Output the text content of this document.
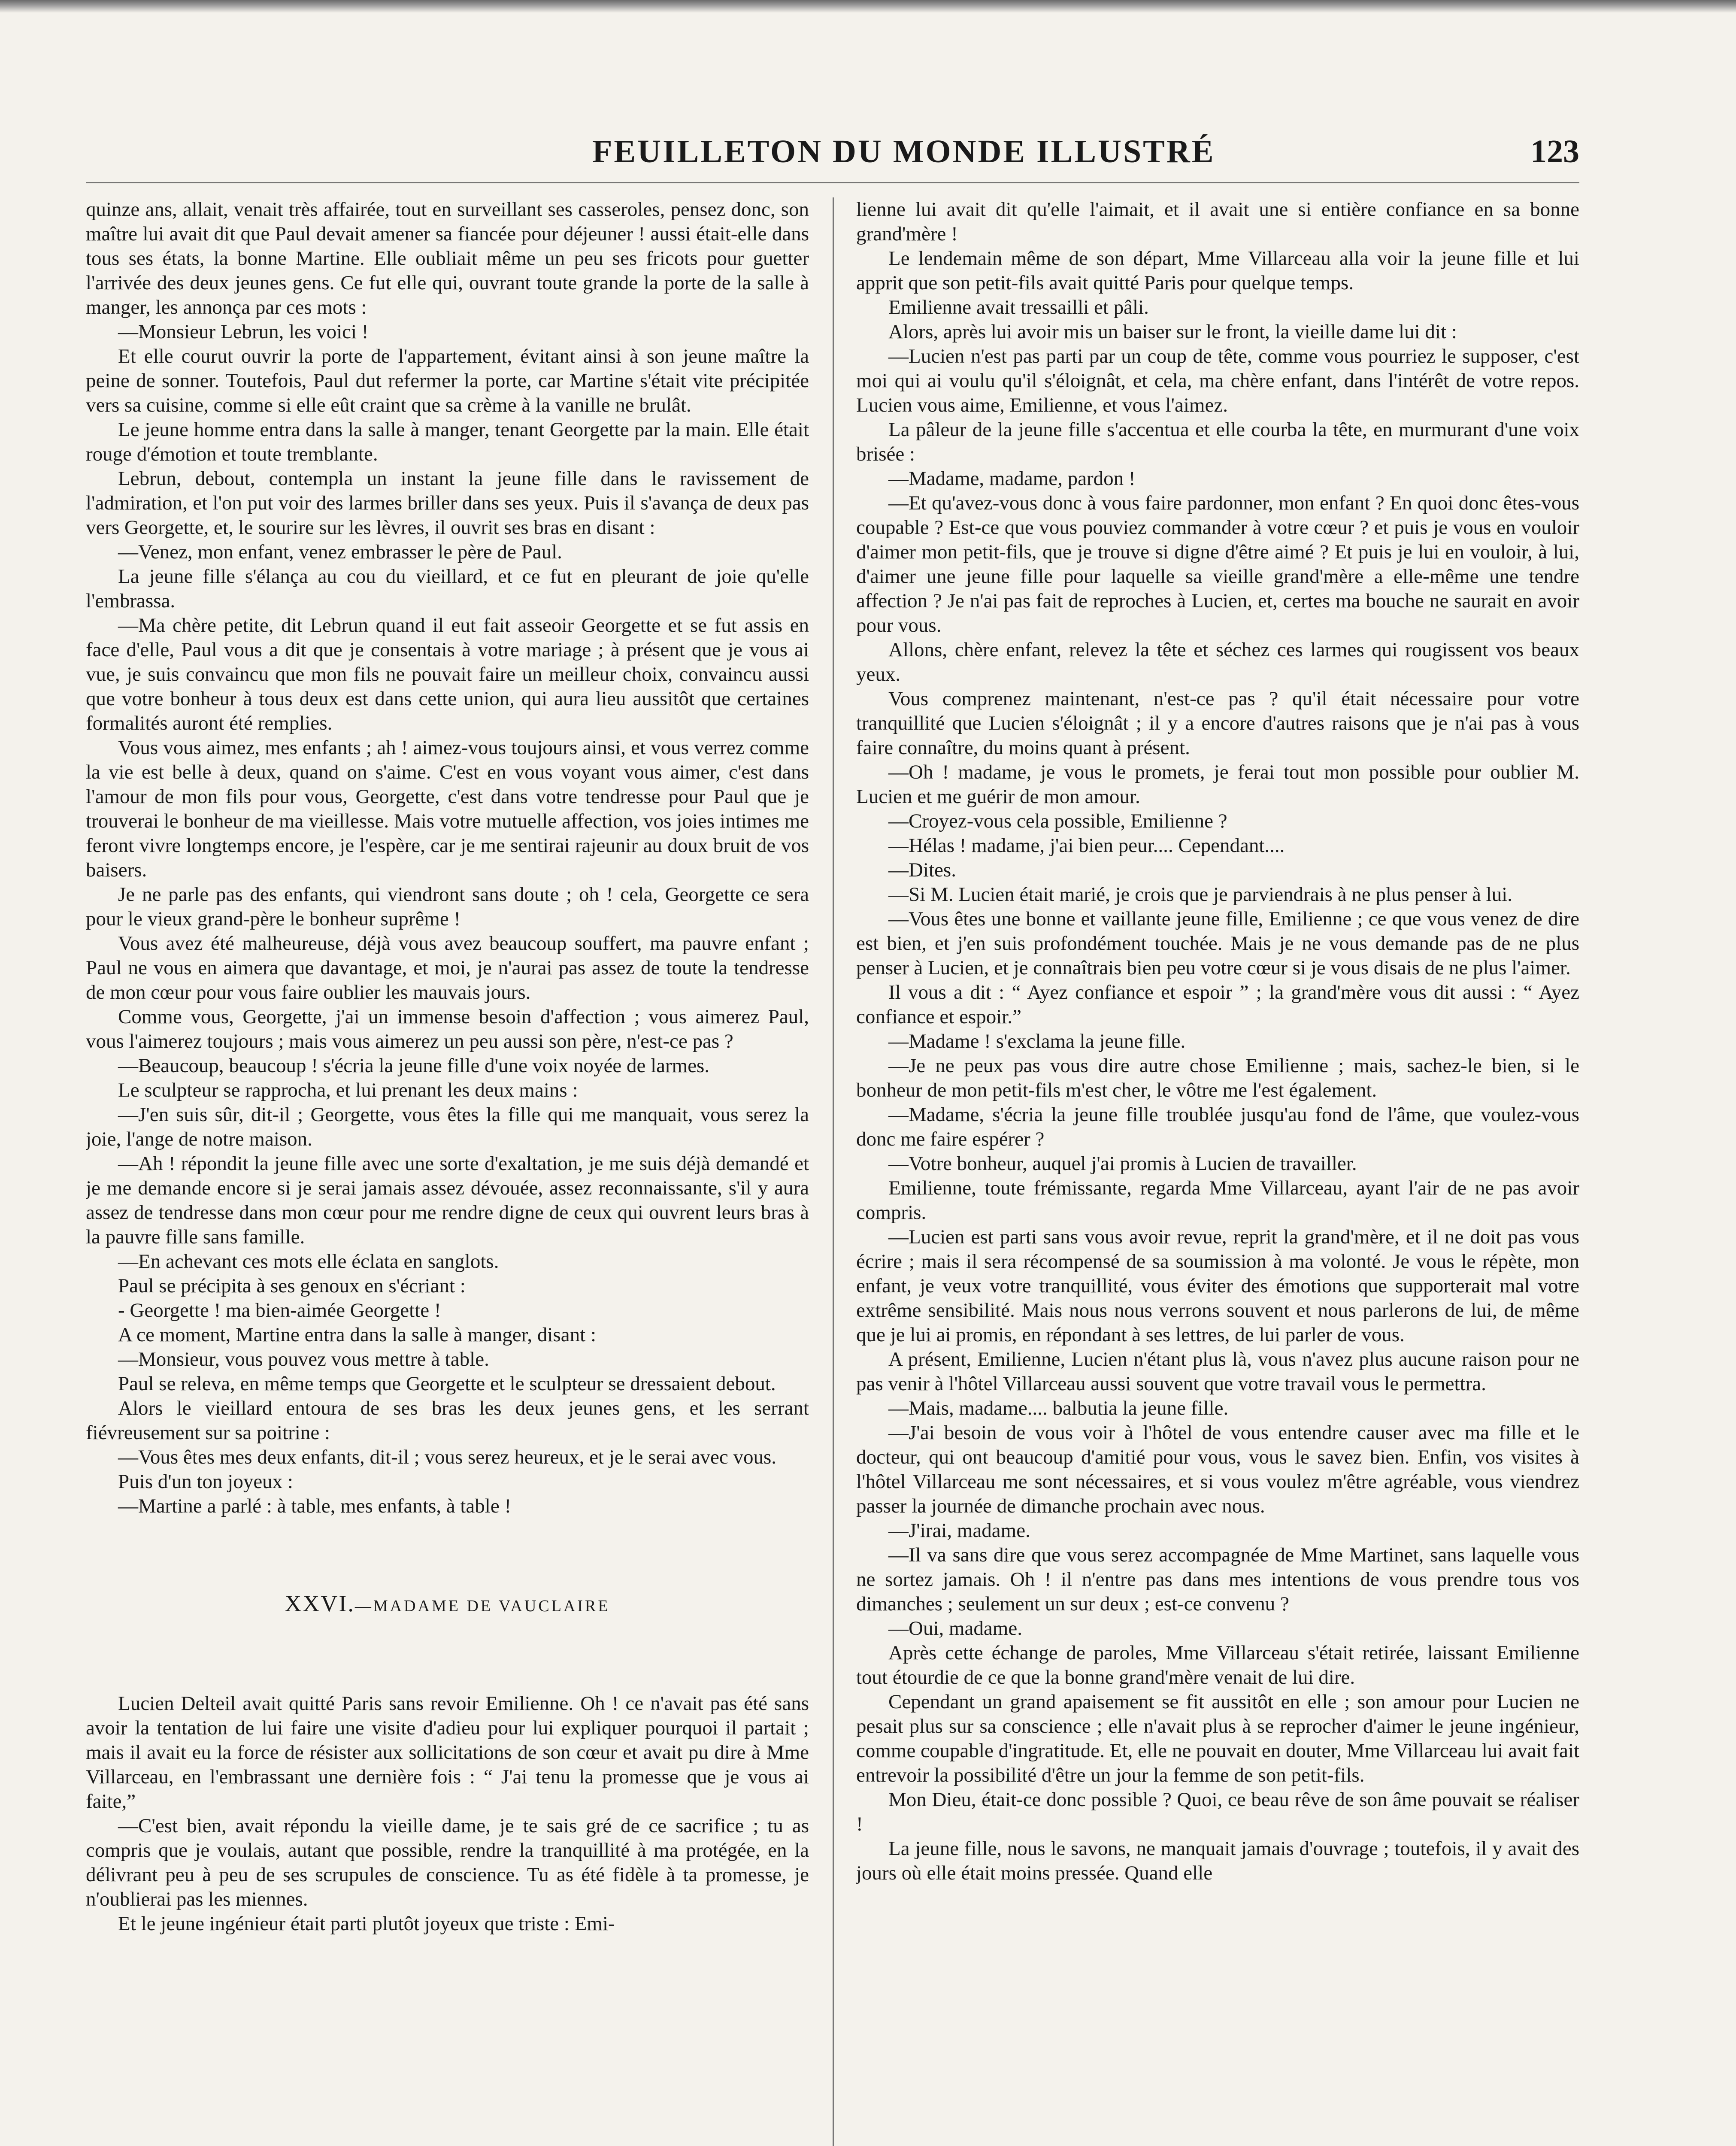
FEUILLETON DU MONDE ILLUSTRÉ	123

quinze ans, allait, venait très affairée, tout en surveillant ses casseroles, pensez donc, son maître lui avait dit que Paul devait amener sa fiancée pour déjeuner ! aussi était-elle dans tous ses états, la bonne Martine. Elle oubliait même un peu ses fricots pour guetter l'arrivée des deux jeunes gens. Ce fut elle qui, ouvrant toute grande la porte de la salle à manger, les annonça par ces mots :

—Monsieur Lebrun, les voici !

Et elle courut ouvrir la porte de l'appartement, évitant ainsi à son jeune maître la peine de sonner. Toutefois, Paul dut refermer la porte, car Martine s'était vite précipitée vers sa cuisine, comme si elle eût craint que sa crème à la vanille ne brulât.

Le jeune homme entra dans la salle à manger, tenant Georgette par la main. Elle était rouge d'émotion et toute tremblante.

Lebrun, debout, contempla un instant la jeune fille dans le ravissement de l'admiration, et l'on put voir des larmes briller dans ses yeux. Puis il s'avança de deux pas vers Georgette, et, le sourire sur les lèvres, il ouvrit ses bras en disant :

—Venez, mon enfant, venez embrasser le père de Paul.

La jeune fille s'élança au cou du vieillard, et ce fut en pleurant de joie qu'elle l'embrassa.

—Ma chère petite, dit Lebrun quand il eut fait asseoir Georgette et se fut assis en face d'elle, Paul vous a dit que je consentais à votre mariage ; à présent que je vous ai vue, je suis convaincu que mon fils ne pouvait faire un meilleur choix, convaincu aussi que votre bonheur à tous deux est dans cette union, qui aura lieu aussitôt que certaines formalités auront été remplies.

Vous vous aimez, mes enfants ; ah ! aimez-vous toujours ainsi, et vous verrez comme la vie est belle à deux, quand on s'aime. C'est en vous voyant vous aimer, c'est dans l'amour de mon fils pour vous, Georgette, c'est dans votre tendresse pour Paul que je trouverai le bonheur de ma vieillesse. Mais votre mutuelle affection, vos joies intimes me feront vivre longtemps encore, je l'espère, car je me sentirai rajeunir au doux bruit de vos baisers.

Je ne parle pas des enfants, qui viendront sans doute ; oh ! cela, Georgette ce sera pour le vieux grand-père le bonheur suprême !

Vous avez été malheureuse, déjà vous avez beaucoup souffert, ma pauvre enfant ; Paul ne vous en aimera que davantage, et moi, je n'aurai pas assez de toute la tendresse de mon cœur pour vous faire oublier les mauvais jours.

Comme vous, Georgette, j'ai un immense besoin d'affection ; vous aimerez Paul, vous l'aimerez toujours ; mais vous aimerez un peu aussi son père, n'est-ce pas ?

—Beaucoup, beaucoup ! s'écria la jeune fille d'une voix noyée de larmes.

Le sculpteur se rapprocha, et lui prenant les deux mains :

—J'en suis sûr, dit-il ; Georgette, vous êtes la fille qui me manquait, vous serez la joie, l'ange de notre maison.

—Ah ! répondit la jeune fille avec une sorte d'exaltation, je me suis déjà demandé et je me demande encore si je serai jamais assez dévouée, assez reconnaissante, s'il y aura assez de tendresse dans mon cœur pour me rendre digne de ceux qui ouvrent leurs bras à la pauvre fille sans famille.

—En achevant ces mots elle éclata en sanglots.

Paul se précipita à ses genoux en s'écriant :

- Georgette ! ma bien-aimée Georgette !

A ce moment, Martine entra dans la salle à manger, disant :

—Monsieur, vous pouvez vous mettre à table.

Paul se releva, en même temps que Georgette et le sculpteur se dressaient debout.

Alors le vieillard entoura de ses bras les deux jeunes gens, et les serrant fiévreusement sur sa poitrine :

—Vous êtes mes deux enfants, dit-il ; vous serez heureux, et je le serai avec vous.

Puis d'un ton joyeux :

—Martine a parlé : à table, mes enfants, à table !

XXVI.—MADAME DE VAUCLAIRE

Lucien Delteil avait quitté Paris sans revoir Emilienne. Oh ! ce n'avait pas été sans avoir la tentation de lui faire une visite d'adieu pour lui expliquer pourquoi il partait ; mais il avait eu la force de résister aux sollicitations de son cœur et avait pu dire à Mme Villarceau, en l'embrassant une dernière fois : “ J'ai tenu la promesse que je vous ai faite,”

—C'est bien, avait répondu la vieille dame, je te sais gré de ce sacrifice ; tu as compris que je voulais, autant que possible, rendre la tranquillité à ma protégée, en la délivrant peu à peu de ses scrupules de conscience. Tu as été fidèle à ta promesse, je n'oublierai pas les miennes.

Et le jeune ingénieur était parti plutôt joyeux que triste : Emi-

lienne lui avait dit qu'elle l'aimait, et il avait une si entière confiance en sa bonne grand'mère !

Le lendemain même de son départ, Mme Villarceau alla voir la jeune fille et lui apprit que son petit-fils avait quitté Paris pour quelque temps.

Emilienne avait tressailli et pâli.

Alors, après lui avoir mis un baiser sur le front, la vieille dame lui dit :

—Lucien n'est pas parti par un coup de tête, comme vous pourriez le supposer, c'est moi qui ai voulu qu'il s'éloignât, et cela, ma chère enfant, dans l'intérêt de votre repos. Lucien vous aime, Emilienne, et vous l'aimez.

La pâleur de la jeune fille s'accentua et elle courba la tête, en murmurant d'une voix brisée :

—Madame, madame, pardon !

—Et qu'avez-vous donc à vous faire pardonner, mon enfant ? En quoi donc êtes-vous coupable ? Est-ce que vous pouviez commander à votre cœur ? et puis je vous en vouloir d'aimer mon petit-fils, que je trouve si digne d'être aimé ? Et puis je lui en vouloir, à lui, d'aimer une jeune fille pour laquelle sa vieille grand'mère a elle-même une tendre affection ? Je n'ai pas fait de reproches à Lucien, et, certes ma bouche ne saurait en avoir pour vous.

Allons, chère enfant, relevez la tête et séchez ces larmes qui rougissent vos beaux yeux.

Vous comprenez maintenant, n'est-ce pas ? qu'il était nécessaire pour votre tranquillité que Lucien s'éloignât ; il y a encore d'autres raisons que je n'ai pas à vous faire connaître, du moins quant à présent.

—Oh ! madame, je vous le promets, je ferai tout mon possible pour oublier M. Lucien et me guérir de mon amour.

—Croyez-vous cela possible, Emilienne ?

—Hélas ! madame, j'ai bien peur.... Cependant....

—Dites.

—Si M. Lucien était marié, je crois que je parviendrais à ne plus penser à lui.

—Vous êtes une bonne et vaillante jeune fille, Emilienne ; ce que vous venez de dire est bien, et j'en suis profondément touchée. Mais je ne vous demande pas de ne plus penser à Lucien, et je connaîtrais bien peu votre cœur si je vous disais de ne plus l'aimer.

Il vous a dit : “ Ayez confiance et espoir ” ; la grand'mère vous dit aussi : “ Ayez confiance et espoir.”

—Madame ! s'exclama la jeune fille.

—Je ne peux pas vous dire autre chose Emilienne ; mais, sachez-le bien, si le bonheur de mon petit-fils m'est cher, le vôtre me l'est également.

—Madame, s'écria la jeune fille troublée jusqu'au fond de l'âme, que voulez-vous donc me faire espérer ?

—Votre bonheur, auquel j'ai promis à Lucien de travailler.

Emilienne, toute frémissante, regarda Mme Villarceau, ayant l'air de ne pas avoir compris.

—Lucien est parti sans vous avoir revue, reprit la grand'mère, et il ne doit pas vous écrire ; mais il sera récompensé de sa soumission à ma volonté. Je vous le répète, mon enfant, je veux votre tranquillité, vous éviter des émotions que supporterait mal votre extrême sensibilité. Mais nous nous verrons souvent et nous parlerons de lui, de même que je lui ai promis, en répondant à ses lettres, de lui parler de vous.

A présent, Emilienne, Lucien n'étant plus là, vous n'avez plus aucune raison pour ne pas venir à l'hôtel Villarceau aussi souvent que votre travail vous le permettra.

—Mais, madame.... balbutia la jeune fille.

—J'ai besoin de vous voir à l'hôtel de vous entendre causer avec ma fille et le docteur, qui ont beaucoup d'amitié pour vous, vous le savez bien. Enfin, vos visites à l'hôtel Villarceau me sont nécessaires, et si vous voulez m'être agréable, vous viendrez passer la journée de dimanche prochain avec nous.

—J'irai, madame.

—Il va sans dire que vous serez accompagnée de Mme Martinet, sans laquelle vous ne sortez jamais. Oh ! il n'entre pas dans mes intentions de vous prendre tous vos dimanches ; seulement un sur deux ; est-ce convenu ?

—Oui, madame.

Après cette échange de paroles, Mme Villarceau s'était retirée, laissant Emilienne tout étourdie de ce que la bonne grand'mère venait de lui dire.

Cependant un grand apaisement se fit aussitôt en elle ; son amour pour Lucien ne pesait plus sur sa conscience ; elle n'avait plus à se reprocher d'aimer le jeune ingénieur, comme coupable d'ingratitude. Et, elle ne pouvait en douter, Mme Villarceau lui avait fait entrevoir la possibilité d'être un jour la femme de son petit-fils.

Mon Dieu, était-ce donc possible ? Quoi, ce beau rêve de son âme pouvait se réaliser !

La jeune fille, nous le savons, ne manquait jamais d'ouvrage ; toutefois, il y avait des jours où elle était moins pressée. Quand elle
